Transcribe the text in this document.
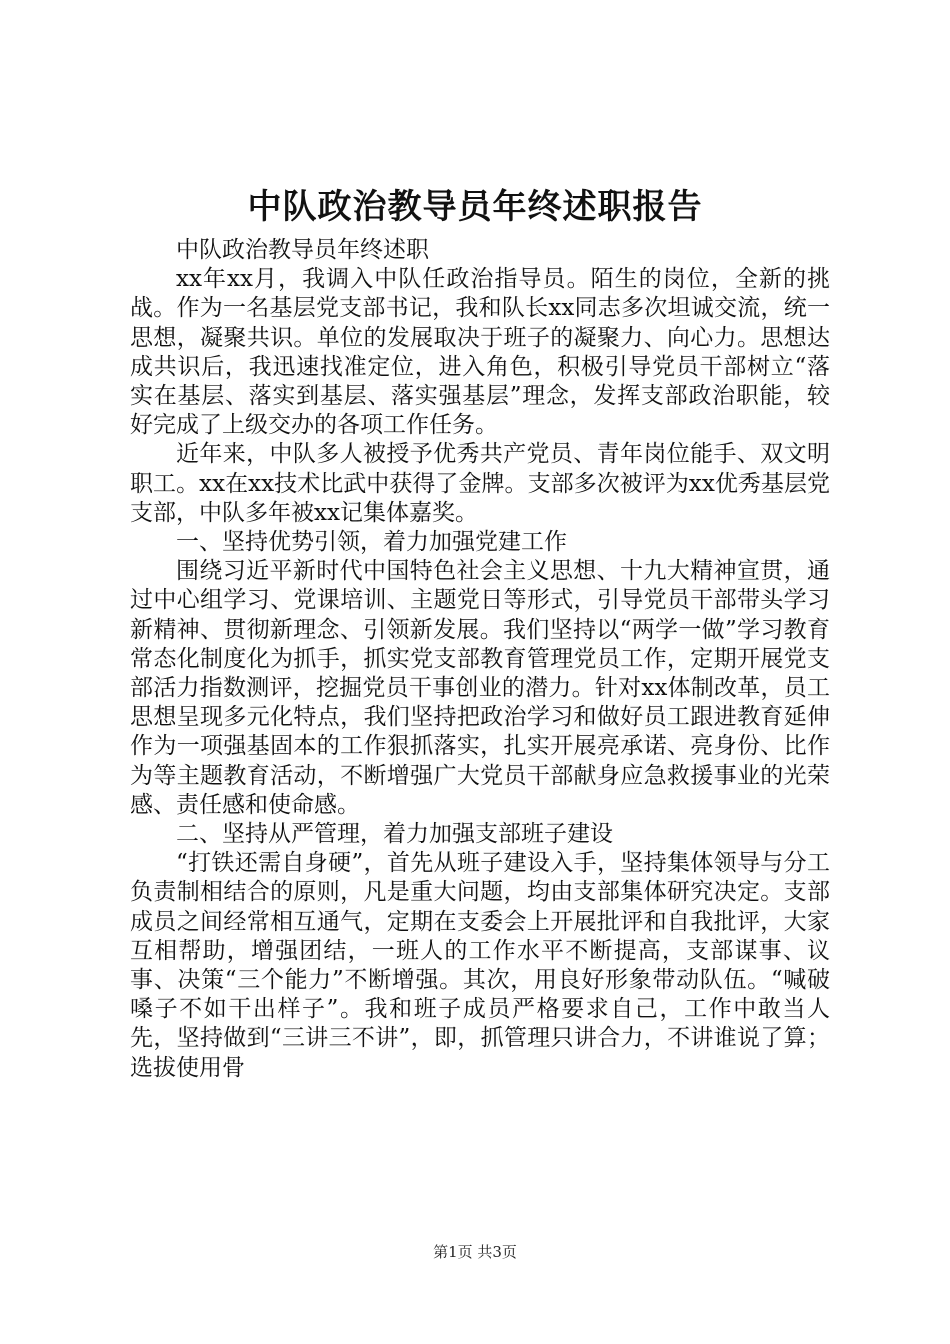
中队政治教导员年终述职报告

中队政治教导员年终述职

xx年xx月，我调入中队任政治指导员。陌生的岗位，全新的挑战。作为一名基层党支部书记，我和队长xx同志多次坦诚交流，统一思想，凝聚共识。单位的发展取决于班子的凝聚力、向心力。思想达成共识后，我迅速找准定位，进入角色，积极引导党员干部树立“落实在基层、落实到基层、落实强基层”理念，发挥支部政治职能，较好完成了上级交办的各项工作任务。

近年来，中队多人被授予优秀共产党员、青年岗位能手、双文明职工。xx在xx技术比武中获得了金牌。支部多次被评为xx优秀基层党支部，中队多年被xx记集体嘉奖。

一、坚持优势引领，着力加强党建工作

围绕习近平新时代中国特色社会主义思想、十九大精神宣贯，通过中心组学习、党课培训、主题党日等形式，引导党员干部带头学习新精神、贯彻新理念、引领新发展。我们坚持以“两学一做”学习教育常态化制度化为抓手，抓实党支部教育管理党员工作，定期开展党支部活力指数测评，挖掘党员干事创业的潜力。针对xx体制改革，员工思想呈现多元化特点，我们坚持把政治学习和做好员工跟进教育延伸作为一项强基固本的工作狠抓落实，扎实开展亮承诺、亮身份、比作为等主题教育活动，不断增强广大党员干部献身应急救援事业的光荣感、责任感和使命感。

二、坚持从严管理，着力加强支部班子建设

“打铁还需自身硬”，首先从班子建设入手，坚持集体领导与分工负责制相结合的原则，凡是重大问题，均由支部集体研究决定。支部成员之间经常相互通气，定期在支委会上开展批评和自我批评，大家互相帮助，增强团结，一班人的工作水平不断提高，支部谋事、议事、决策“三个能力”不断增强。其次，用良好形象带动队伍。“喊破嗓子不如干出样子”。我和班子成员严格要求自己，工作中敢当人先，坚持做到“三讲三不讲”，即，抓管理只讲合力，不讲谁说了算；选拔使用骨

第1页 共3页
